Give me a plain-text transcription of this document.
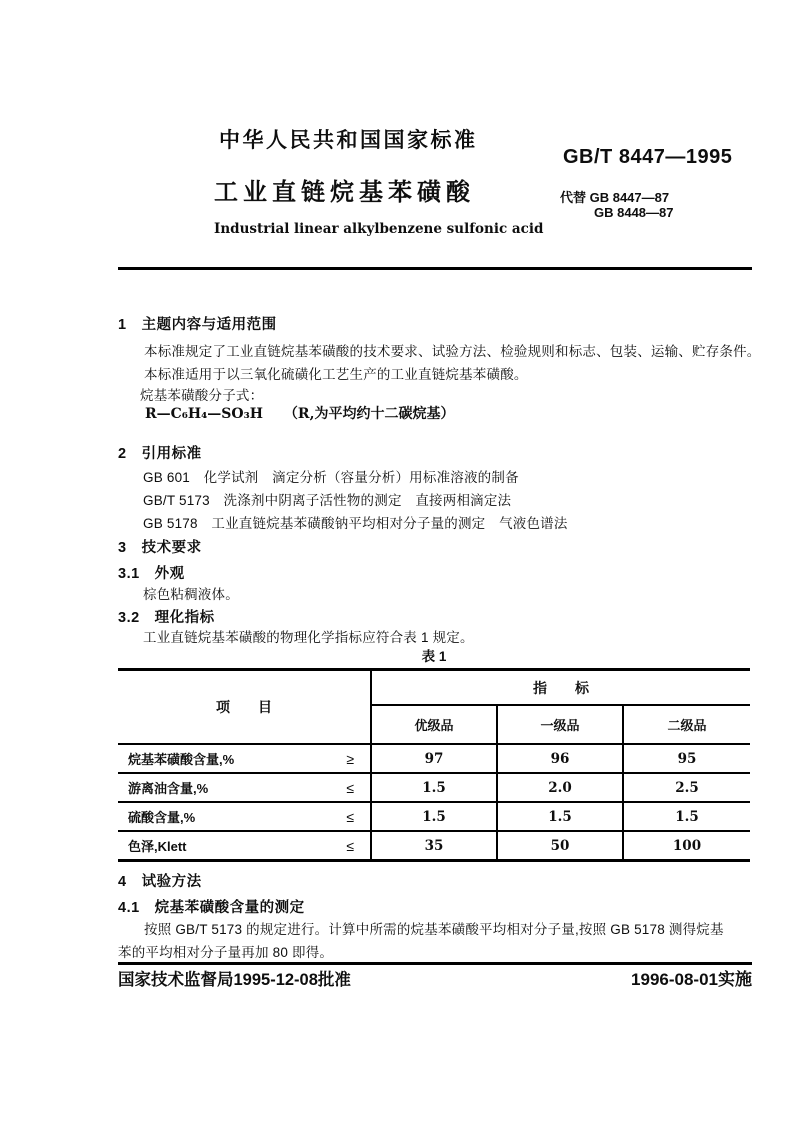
中华人民共和国国家标准
GB/T 8447—1995
工业直链烷基苯磺酸	代替 GB 8447—87
GB 8448—87
Industrial linear alkylbenzene sulfonic acid
1　主题内容与适用范围
本标准规定了工业直链烷基苯磺酸的技术要求、试验方法、检验规则和标志、包装、运输、贮存条件。
本标准适用于以三氧化硫磺化工艺生产的工业直链烷基苯磺酸。
烷基苯磺酸分子式：
R—C₆H₄—SO₃H　　（R,为平均约十二碳烷基）
2　引用标准
GB 601　化学试剂　滴定分析（容量分析）用标准溶液的制备
GB/T 5173　洗涤剂中阴离子活性物的测定　直接两相滴定法
GB 5178　工业直链烷基苯磺酸钠平均相对分子量的测定　气液色谱法
3　技术要求
3.1　外观
棕色粘稠液体。
3.2　理化指标
工业直链烷基苯磺酸的物理化学指标应符合表 1 规定。
表 1
项　　目
指　　标
优级品	一级品	二级品
烷基苯磺酸含量,%	≥	97	96	95
游离油含量,%	≤	1.5	2.0	2.5
硫酸含量,%	≤	1.5	1.5	1.5
色泽,Klett	≤	35	50	100
4　试验方法
4.1　烷基苯磺酸含量的测定
按照 GB/T 5173 的规定进行。计算中所需的烷基苯磺酸平均相对分子量,按照 GB 5178 测得烷基
苯的平均相对分子量再加 80 即得。
国家技术监督局1995-12-08批准	1996-08-01实施
